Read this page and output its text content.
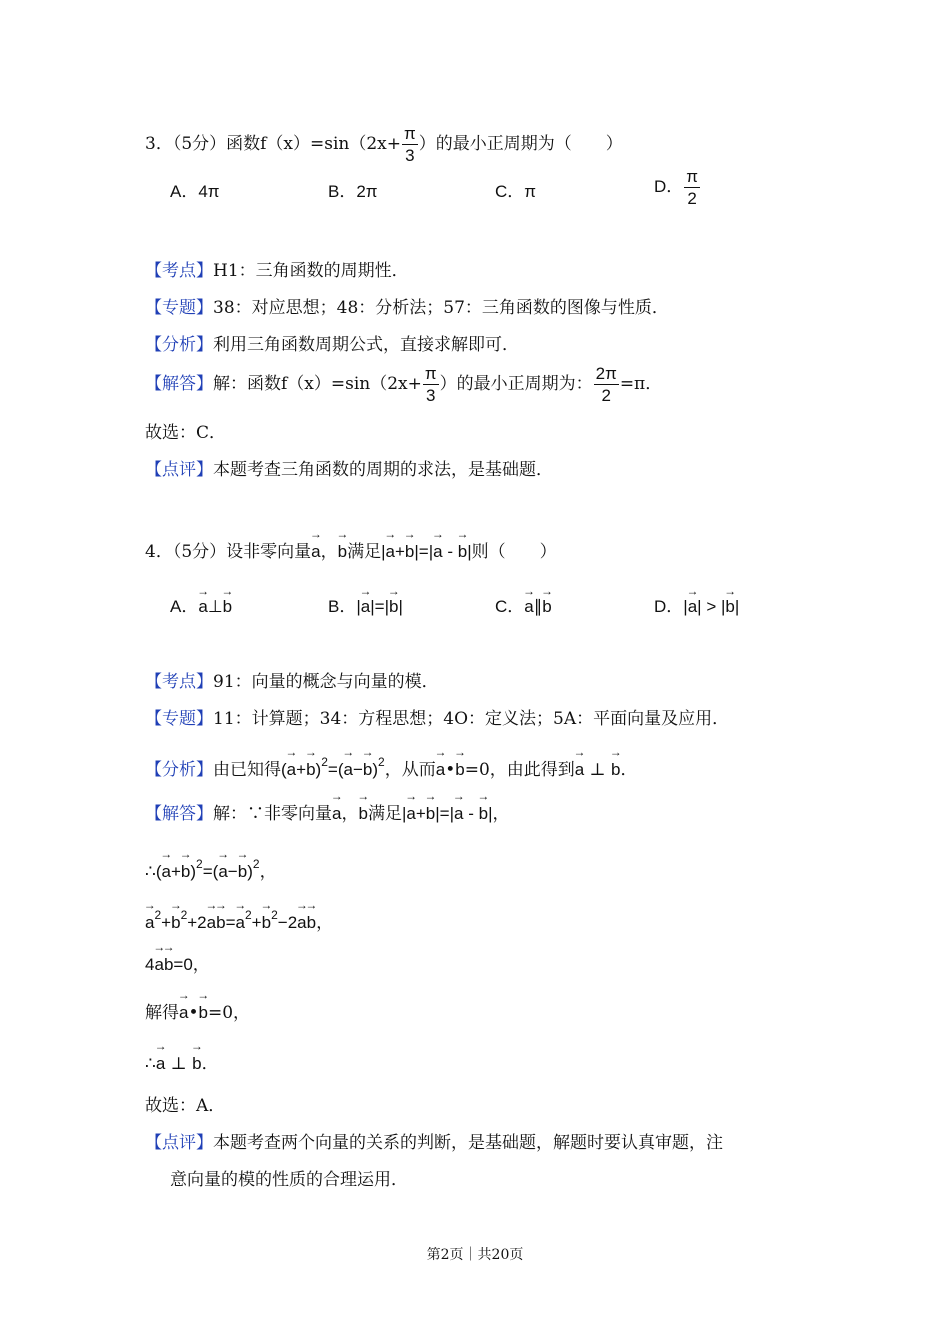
3．（5分）函数$f(x)=\sin(2x+ \frac{\pi}{3}$ ）的最小正周期为（　　）
A．4π	B．2π	C．π	D． $\frac{\pi}{2}$
【考点】H1：三角函数的周期性．
【专题】38：对应思想；48：分析法；57：三角函数的图像与性质．
【分析】利用三角函数周期公式，直接求解即可．
【解答】解：函数$f(x)=\sin(2x+ \frac{\pi}{3}$ ）的最小正周期为： $\frac{2\pi}{2} =\pi$．
故选：C．
【点评】本题考查三角函数的周期的求法，是基础题．
4．（5分）设非零向量→ a，→ b满足|→ a+→ b|=|→ a - → b|则（　　）
A．→ a⊥→ b	B．|→ a|=|→ b|	C．→ a∥→ b	D．|→ a| > |→ b|
【考点】91：向量的概念与向量的模．
【专题】11：计算题；34：方程思想；4O：定义法；5A：平面向量及应用．
【分析】由已知得(→ $a+\to b)^2=(\to a-\to b)^2$，从而→ a•→ b=0，由此得到→ a ⊥ → b．
【解答】解：∵非零向量→ a，→ b满足|→ a+→ b|=|→ a - → b|，
∴(→ $a+\to b)^2=(\to a-\to b)^2$，
→ $a^2+\to b^2+2\to a\to b=\to a^2+\to b^2-2\to a\to b$，
4→ a→ b=0，
解得→ a•→ b=0，
∴→ a ⊥ → b．
故选：A．
【点评】本题考查两个向量的关系的判断，是基础题，解题时要认真审题，注
意向量的模的性质的合理运用．
第2页｜共20页
